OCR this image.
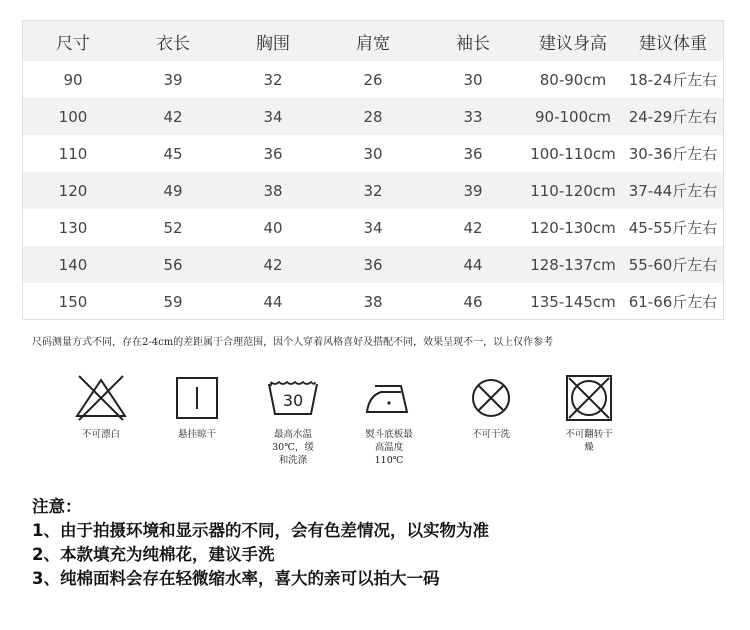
尺寸	衣长	胸围	肩宽	袖长	建议身高	建议体重
90	39	32	26	30	80-90cm	18-24斤左右
100	42	34	28	33	90-100cm	24-29斤左右
110	45	36	30	36	100-110cm	30-36斤左右
120	49	38	32	39	110-120cm	37-44斤左右
130	52	40	34	42	120-130cm	45-55斤左右
140	56	42	36	44	128-137cm	55-60斤左右
150	59	44	38	46	135-145cm	61-66斤左右
尺码测量方式不同，存在2-4cm的差距属于合理范围，因个人穿着风格喜好及搭配不同，效果呈现不一，以上仅作参考
不可漂白	悬挂晾干
30
最高水温
30℃，缓
和洗涤
熨斗底板最
高温度
110℃
不可干洗	不可翻转干
燥
注意：
1、由于拍摄环境和显示器的不同，会有色差情况，以实物为准
2、本款填充为纯棉花，建议手洗
3、纯棉面料会存在轻微缩水率，喜大的亲可以拍大一码
